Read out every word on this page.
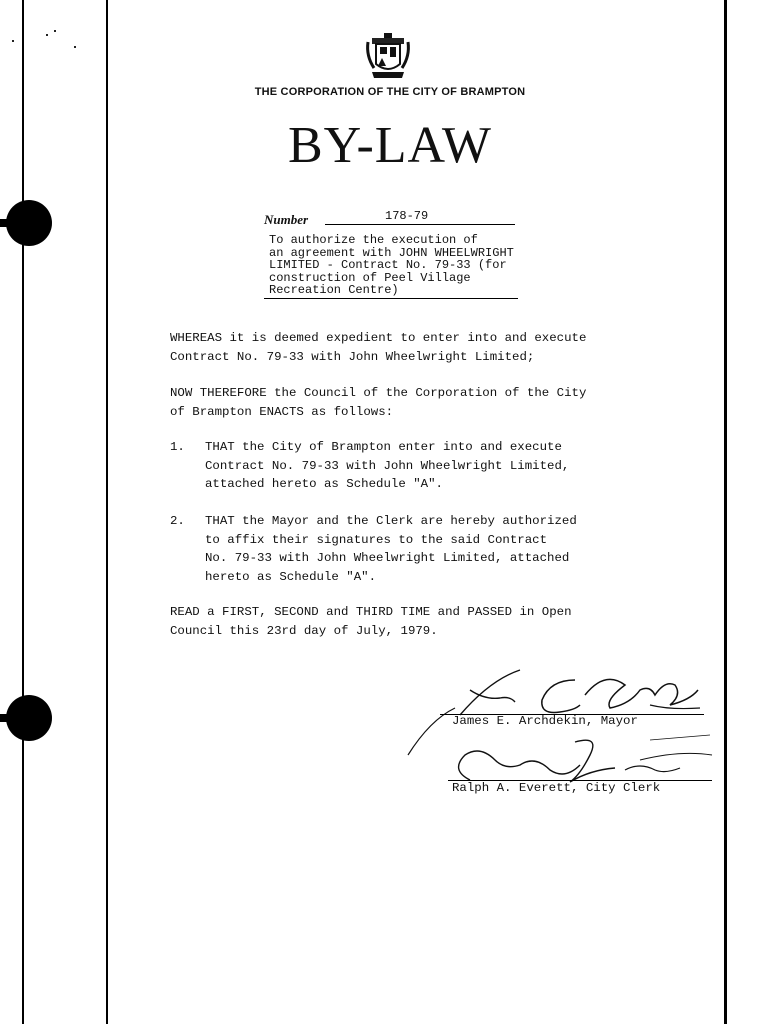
THE CORPORATION OF THE CITY OF BRAMPTON

BY-LAW
Number	178-79

To authorize the execution of
an agreement with JOHN WHEELWRIGHT
LIMITED - Contract No. 79-33 (for
construction of Peel Village
Recreation Centre)

WHEREAS it is deemed expedient to enter into and execute
Contract No. 79-33 with John Wheelwright Limited;

NOW THEREFORE the Council of the Corporation of the City
of Brampton ENACTS as follows:

1. THAT the City of Brampton enter into and execute
Contract No. 79-33 with John Wheelwright Limited,
attached hereto as Schedule "A".

2. THAT the Mayor and the Clerk are hereby authorized
to affix their signatures to the said Contract
No. 79-33 with John Wheelwright Limited, attached
hereto as Schedule "A".

READ a FIRST, SECOND and THIRD TIME and PASSED in Open
Council this 23rd day of July, 1979.

James E. Archdekin, Mayor

Ralph A. Everett, City Clerk
